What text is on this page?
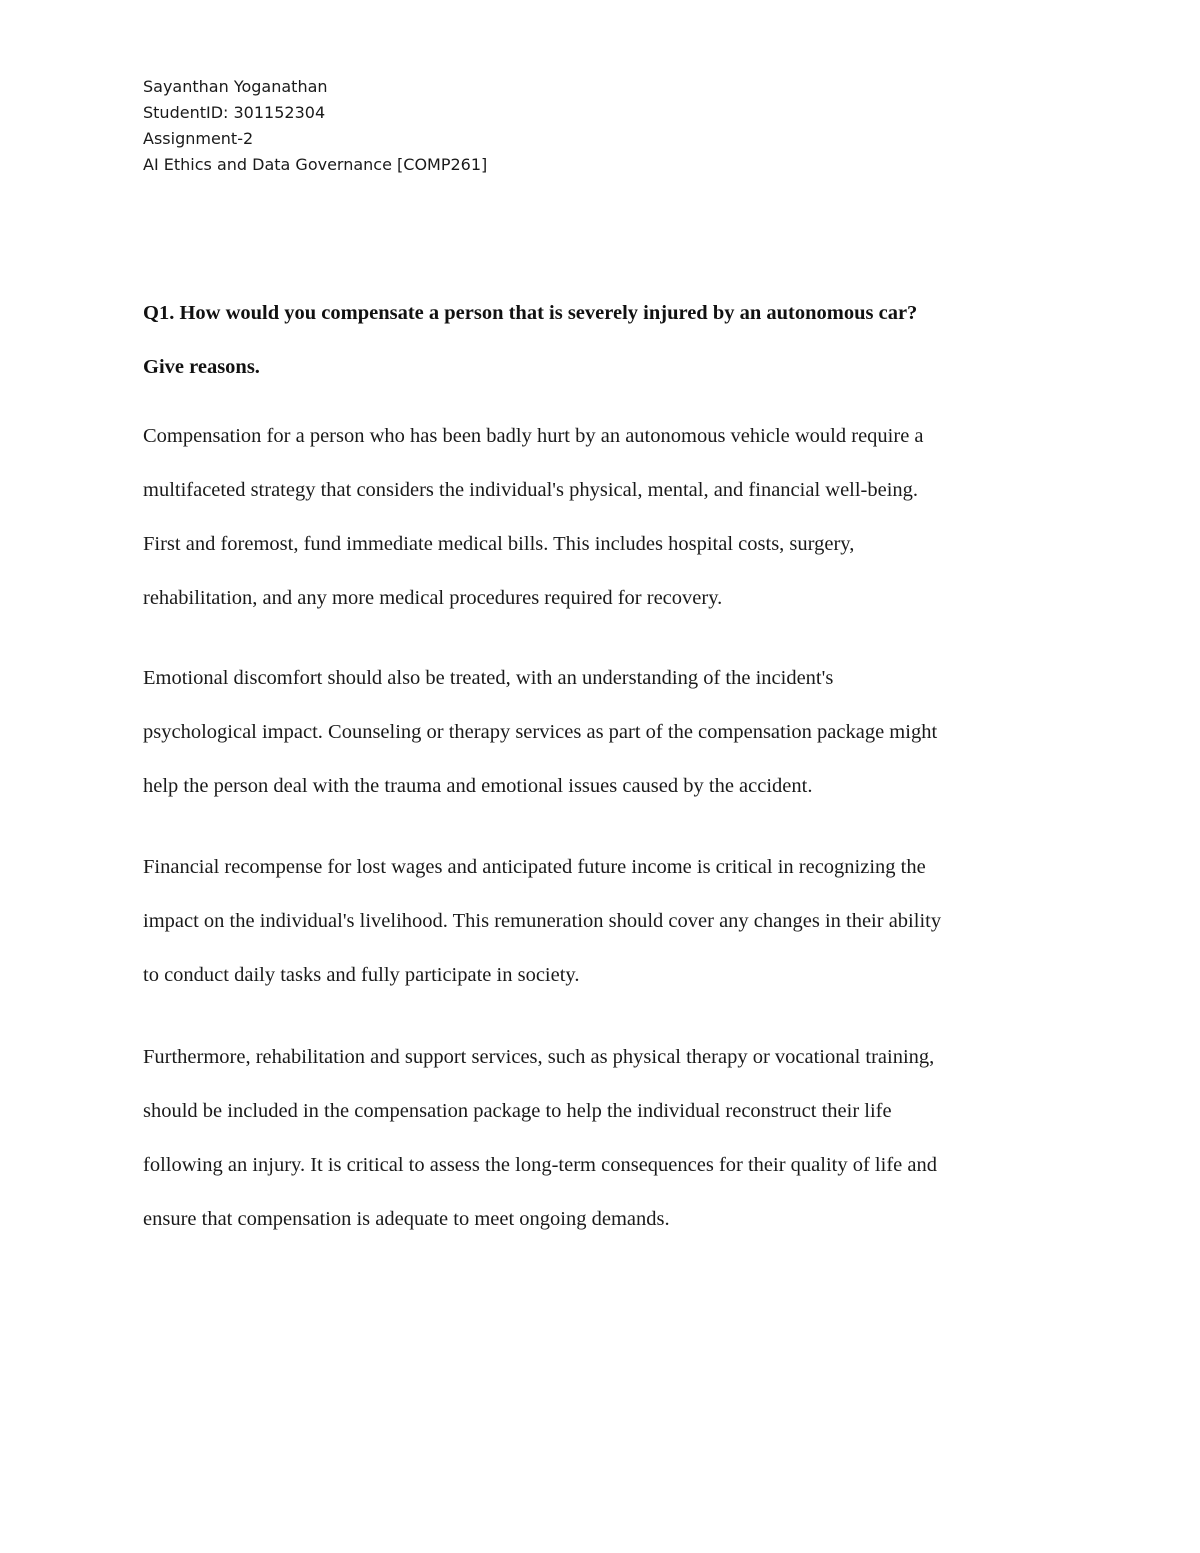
Sayanthan Yoganathan
StudentID: 301152304
Assignment-2
AI Ethics and Data Governance [COMP261]
Q1. How would you compensate a person that is severely injured by an autonomous car?
Give reasons.
Compensation for a person who has been badly hurt by an autonomous vehicle would require a
multifaceted strategy that considers the individual's physical, mental, and financial well-being.
First and foremost, fund immediate medical bills. This includes hospital costs, surgery,
rehabilitation, and any more medical procedures required for recovery.
Emotional discomfort should also be treated, with an understanding of the incident's
psychological impact. Counseling or therapy services as part of the compensation package might
help the person deal with the trauma and emotional issues caused by the accident.
Financial recompense for lost wages and anticipated future income is critical in recognizing the
impact on the individual's livelihood. This remuneration should cover any changes in their ability
to conduct daily tasks and fully participate in society.
Furthermore, rehabilitation and support services, such as physical therapy or vocational training,
should be included in the compensation package to help the individual reconstruct their life
following an injury. It is critical to assess the long-term consequences for their quality of life and
ensure that compensation is adequate to meet ongoing demands.
